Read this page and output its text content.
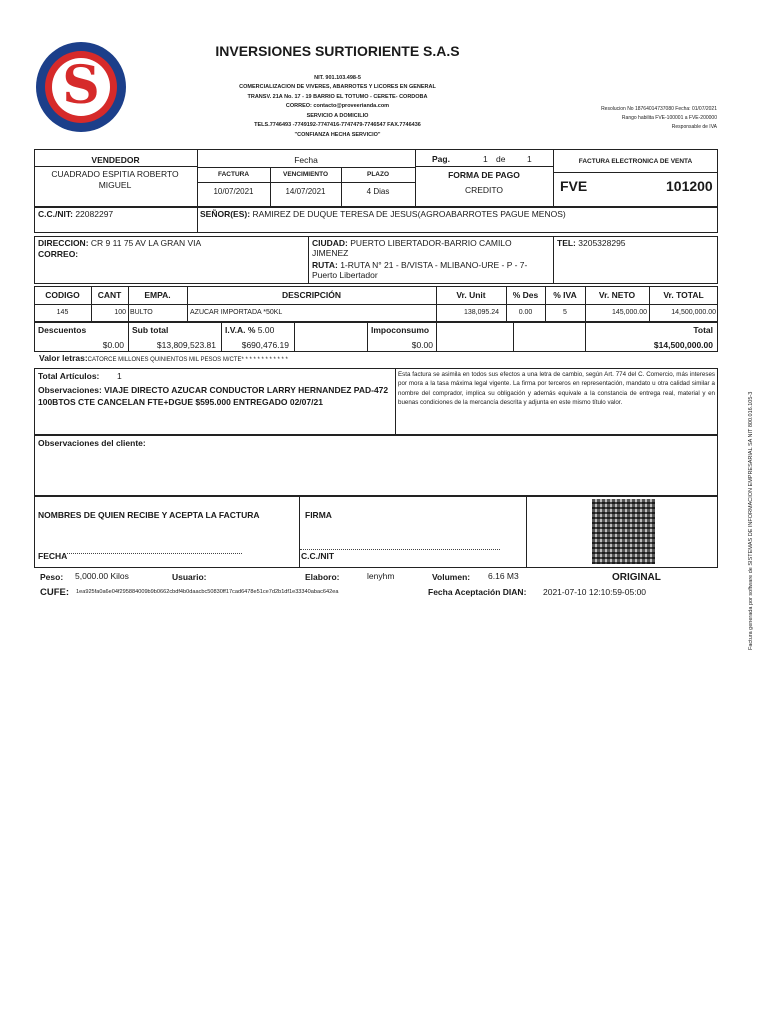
S
INVERSIONES SURTIORIENTE S.A.S
NIT. 901.103.498-5
COMERCIALIZACION DE VIVERES, ABARROTES Y LICORES EN GENERAL
TRANSV. 21A No. 17 - 19 BARRIO EL TOTUMO - CERETE- CORDOBA
CORREO: contacto@proveerianda.com
SERVICIO A DOMICILIO
TELS.7746493 -7749192-7747416-7747479-7746547 FAX.7746436
"CONFIANZA HECHA SERVICIO"
Resolucion No 18764014737080 Fecha: 01/07/2021
Rango habilita FVE-100001 a FVE-200000
Responsable de IVA
VENDEDOR
CUADRADO ESPITIA ROBERTO MIGUEL
Fecha
FACTURA
10/07/2021
VENCIMIENTO
14/07/2021
PLAZO
4 Dias
Pag.	1 de	1
FORMA DE PAGO
CREDITO
FACTURA ELECTRONICA DE VENTA
FVE	101200
C.C./NIT: 22082297	SEÑOR(ES): RAMIREZ DE DUQUE TERESA DE JESUS(AGROABARROTES PAGUE MENOS)
DIRECCION: CR 9 11 75 AV LA GRAN VIA
CORREO:
CIUDAD: PUERTO LIBERTADOR-BARRIO CAMILO JIMENEZ
RUTA: 1-RUTA N° 21 - B/VISTA - MLIBANO-URE - P - 7-Puerto Libertador
TEL: 3205328295
CODIGO	CANT	EMPA.	DESCRIPCIÓN	Vr. Unit	% Des	% IVA	Vr. NETO	Vr. TOTAL
145	100 BULTO	AZUCAR IMPORTADA *50KL	138,095.24	0.00	5	145,000.00	14,500,000.00
Descuentos
$0.00
Sub total
$13,809,523.81
I.V.A. % 5.00
$690,476.19
Impoconsumo
$0.00
Total
$14,500,000.00
Valor letras:CATORCE MILLONES QUINIENTOS MIL PESOS M/CTE* * * * * * * * * * * *
Total Artículos: 1
Observaciones: VIAJE DIRECTO AZUCAR CONDUCTOR LARRY HERNANDEZ PAD-472 100BTOS CTE CANCELAN FTE+DGUE $595.000 ENTREGADO 02/07/21
Esta factura se asimila en todos sus efectos a una letra de cambio, según Art. 774 del C. Comercio, más intereses por mora a la tasa máxima legal vigente. La firma por terceros en representación, mandato u otra calidad similar a nombre del comprador, implica su obligación y además equivale a la constancia de entrega real, material y en buenas condiciones de la mercancía descrita y adjunta en este mismo título valor.
Observaciones del cliente:
NOMBRES DE QUIEN RECIBE Y ACEPTA LA FACTURA	FIRMA
FECHA	C.C./NIT
Peso: 5,000.00 Kilos	Usuario:	Elaboro:	lenyhm	Volumen: 6.16 M3	ORIGINAL
CUFE: 1ea925fa0a6e04f295884009b9b0662cbdf4b0daacbc50830ff17cad6478e51ce7d2b1df1e33340abac642ea	Fecha Aceptación DIAN: 2021-07-10 12:10:59-05:00	Factura generada por software de SISTEMAS DE INFORMACION EMPRESARIAL SA NIT 800.016.105-3
